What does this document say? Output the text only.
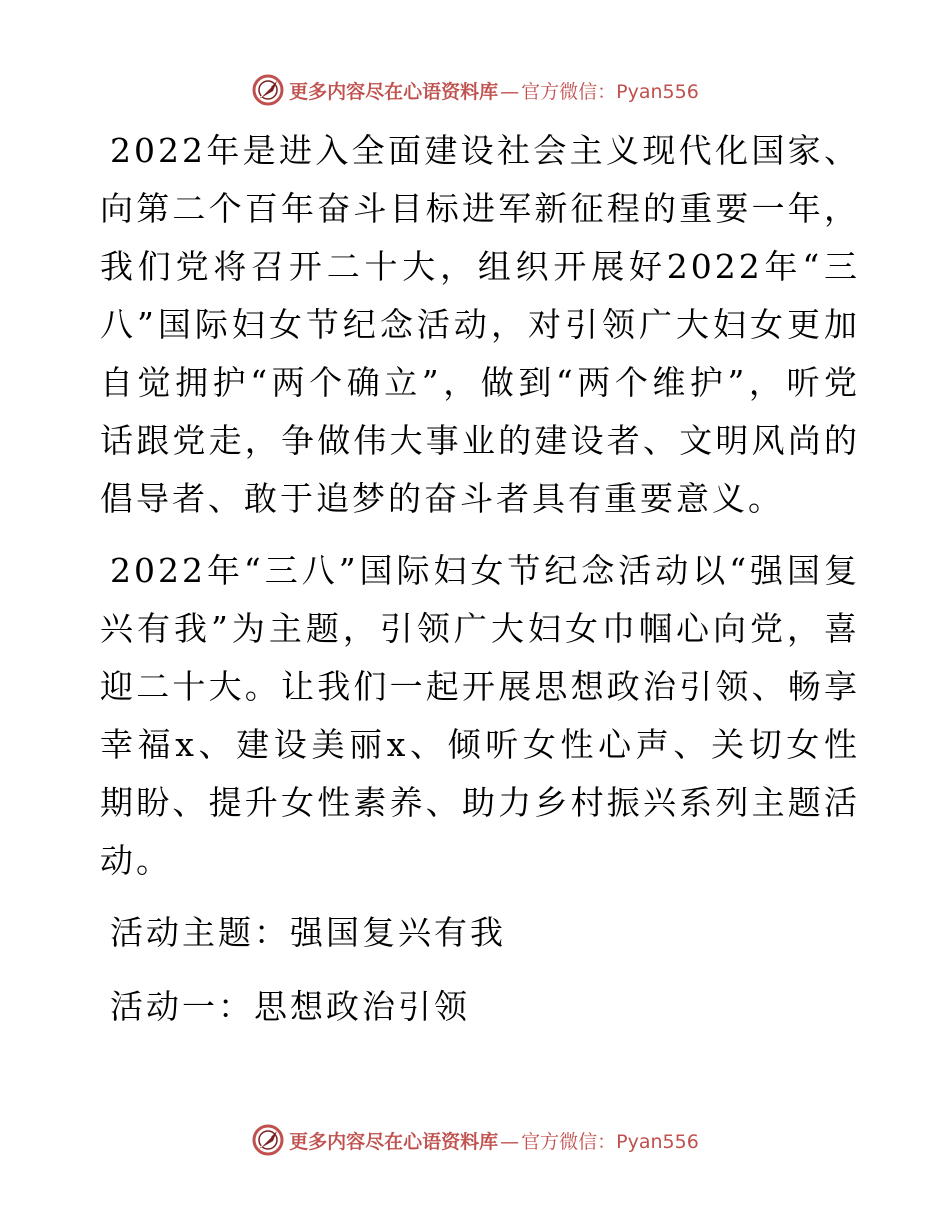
更多内容尽在心语资料库 — 官方微信：Pyan556

2022年是进入全面建设社会主义现代化国家、向第二个百年奋斗目标进军新征程的重要一年，我们党将召开二十大，组织开展好2022年“三八”国际妇女节纪念活动，对引领广大妇女更加自觉拥护“两个确立”，做到“两个维护”，听党话跟党走，争做伟大事业的建设者、文明风尚的倡导者、敢于追梦的奋斗者具有重要意义。

2022年“三八”国际妇女节纪念活动以“强国复兴有我”为主题，引领广大妇女巾帼心向党，喜迎二十大。让我们一起开展思想政治引领、畅享幸福x、建设美丽x、倾听女性心声、关切女性期盼、提升女性素养、助力乡村振兴系列主题活动。

活动主题：强国复兴有我

活动一：思想政治引领

更多内容尽在心语资料库 — 官方微信：Pyan556
